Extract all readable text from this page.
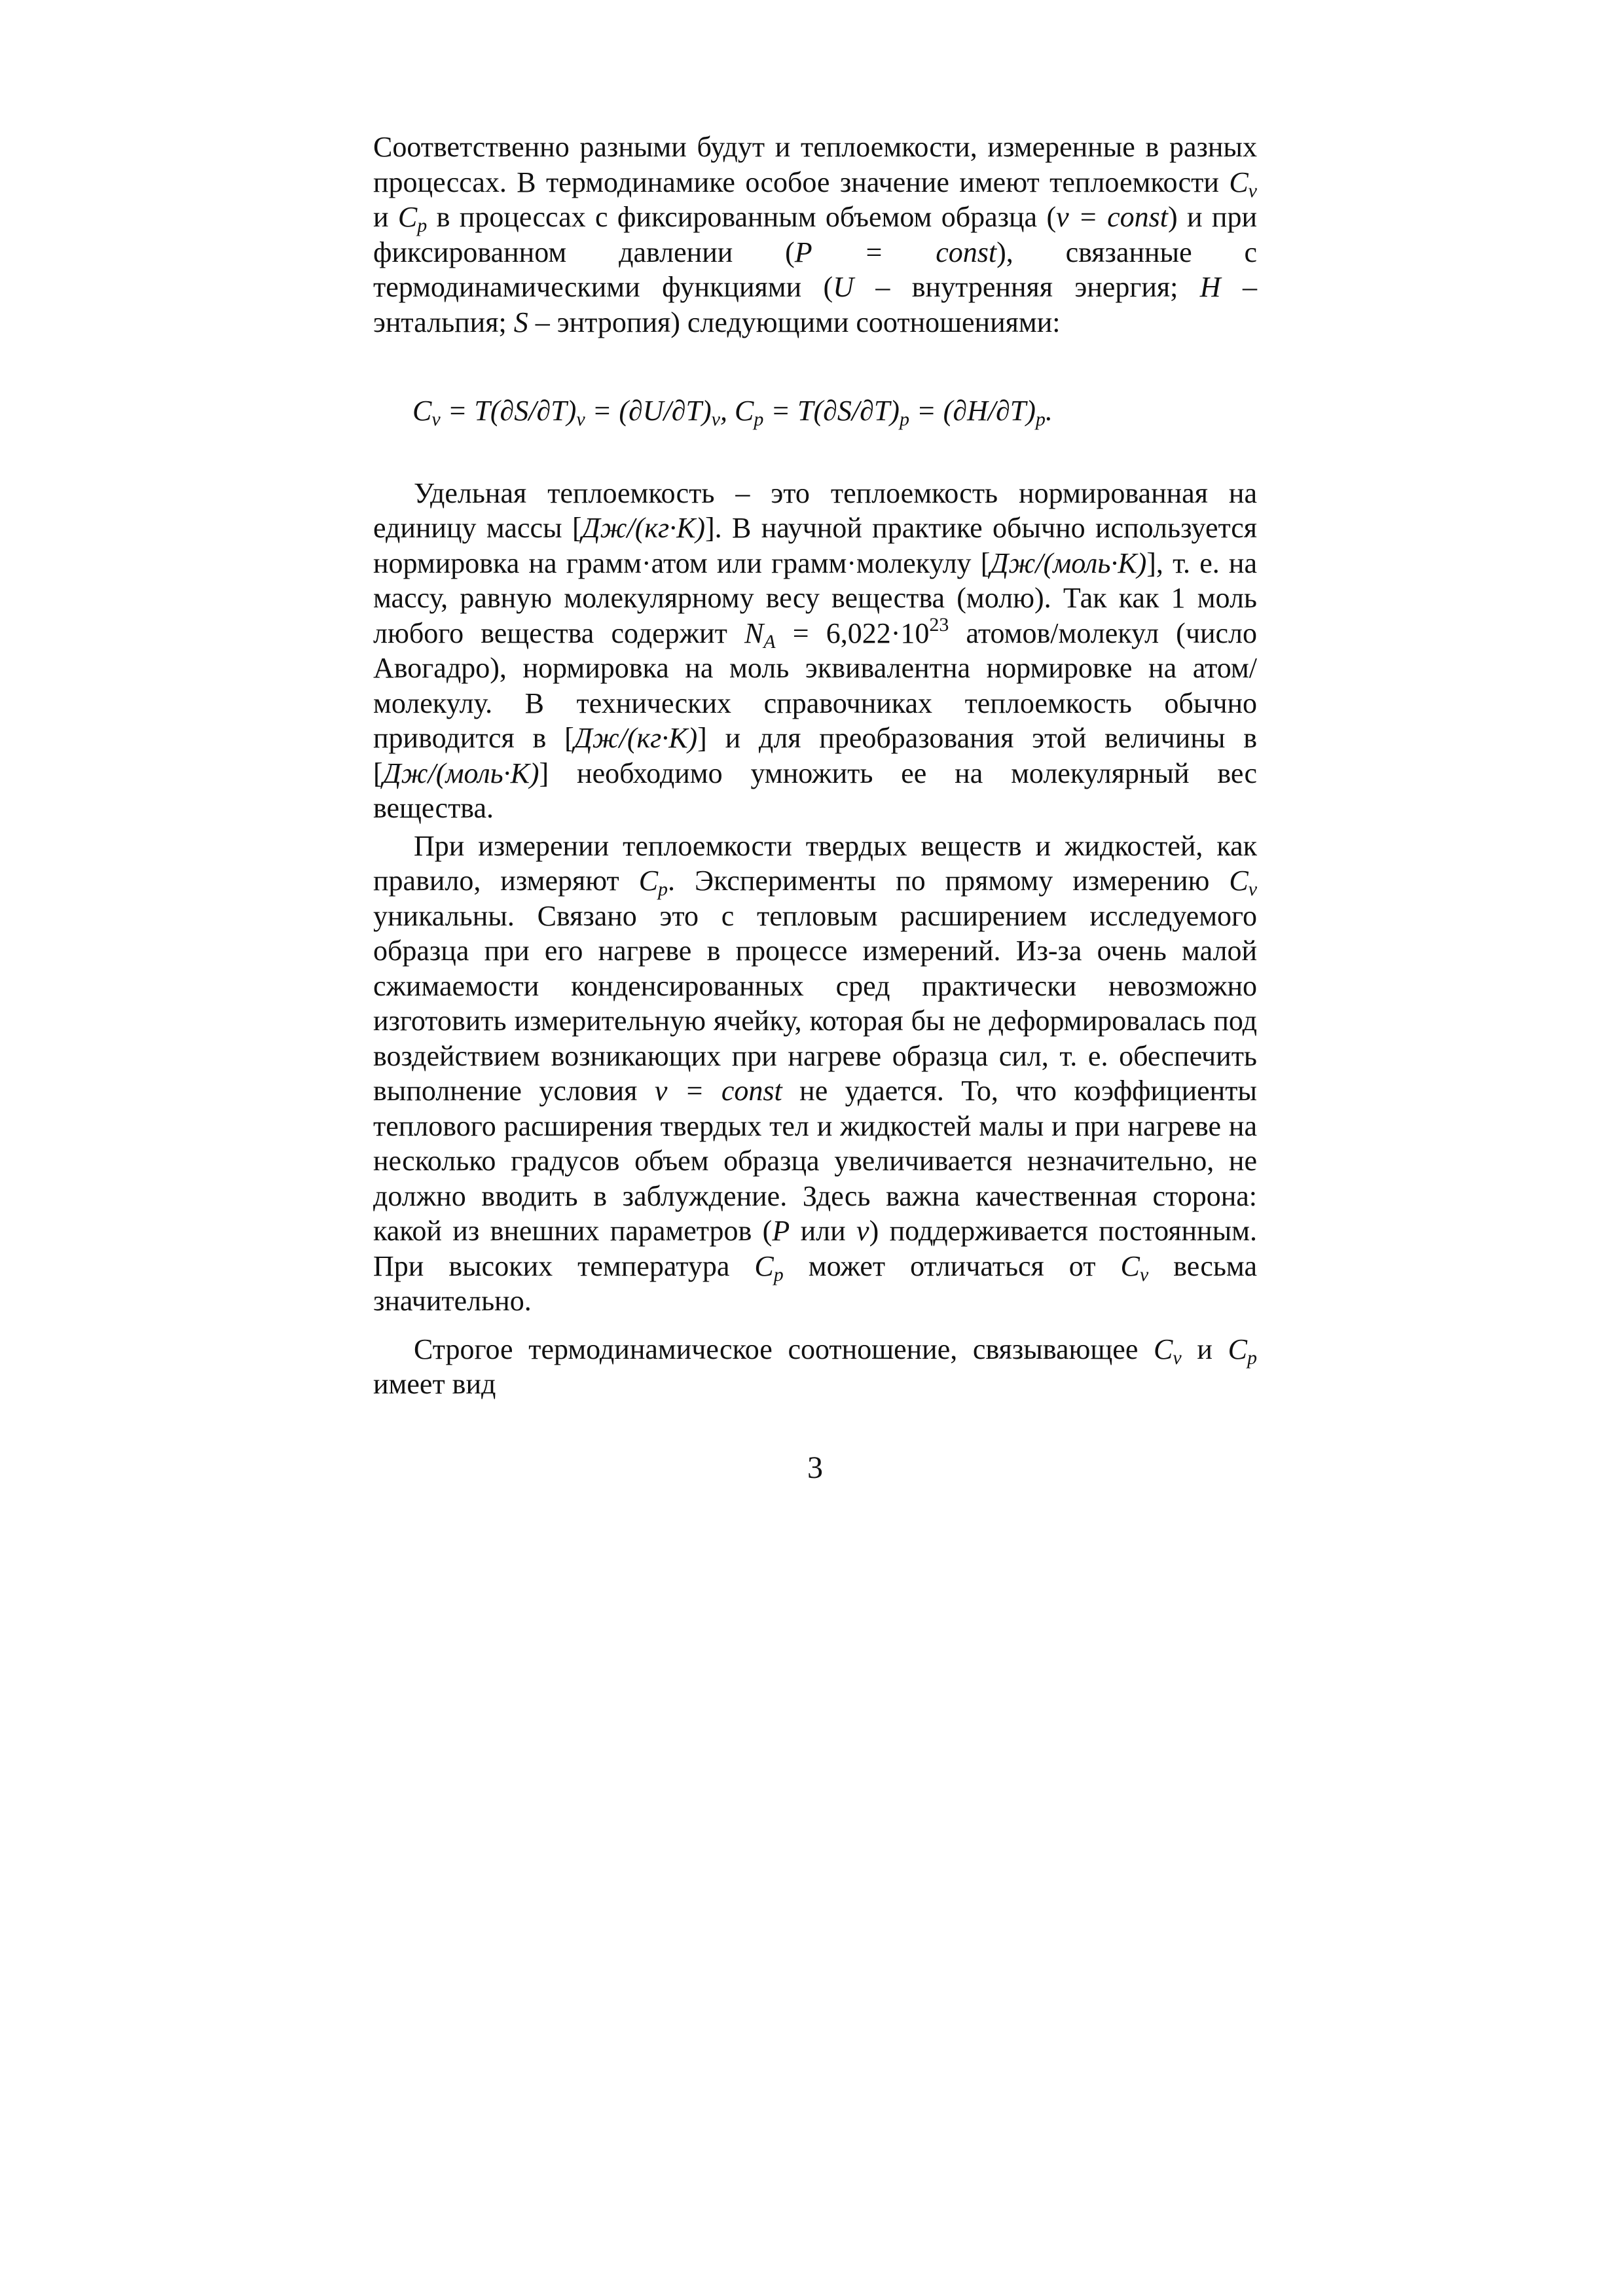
Соответственно разными будут и теплоемкости, измеренные в разных процессах. В термодинамике особое значение имеют теплоемкости $C_v$ и $C_p$ в процессах с фиксированным объемом образца (v = const) и при фиксированном давлении (P = const), связанные с термодинамическими функциями (U – внутренняя энергия; H – энтальпия; S – энтропия) следующими соотношениями:

$C_v = T(\partial S/\partial T)_v = (\partial U/\partial T)_v$, $C_p = T(\partial S/\partial T)_p = (\partial H/\partial T)_p$.

Удельная теплоемкость – это теплоемкость нормированная на единицу массы [Дж/(кг·К)]. В научной практике обычно используется нормировка на грамм·атом или грамм·молекулу [Дж/(моль·К)], т. е. на массу, равную молекулярному весу вещества (молю). Так как 1 моль любого вещества содержит $N_A = 6,022\cdot 10^{23}$ атомов/молекул (число Авогадро), нормировка на моль эквивалентна нормировке на атом/молекулу. В технических справочниках теплоемкость обычно приводится в [Дж/(кг·К)] и для преобразования этой величины в [Дж/(моль·К)] необходимо умножить ее на молекулярный вес вещества.

При измерении теплоемкости твердых веществ и жидкостей, как правило, измеряют $C_p$. Эксперименты по прямому измерению $C_v$ уникальны. Связано это с тепловым расширением исследуемого образца при его нагреве в процессе измерений. Из-за очень малой сжимаемости конденсированных сред практически невозможно изготовить измерительную ячейку, которая бы не деформировалась под воздействием возникающих при нагреве образца сил, т. е. обеспечить выполнение условия v = const не удается. То, что коэффициенты теплового расширения твердых тел и жидкостей малы и при нагреве на несколько градусов объем образца увеличивается незначительно, не должно вводить в заблуждение. Здесь важна качественная сторона: какой из внешних параметров (P или v) поддерживается постоянным. При высоких температура $C_p$ может отличаться от $C_v$ весьма значительно.

Строгое термодинамическое соотношение, связывающее $C_v$ и $C_p$ имеет вид

3
